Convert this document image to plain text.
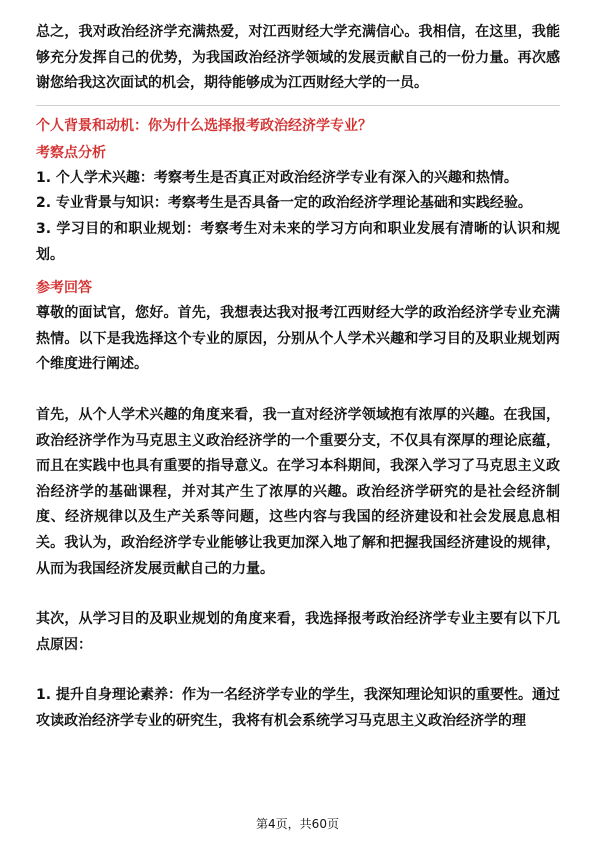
总之，我对政治经济学充满热爱，对江西财经大学充满信心。我相信，在这里，我能够充分发挥自己的优势，为我国政治经济学领域的发展贡献自己的一份力量。再次感谢您给我这次面试的机会，期待能够成为江西财经大学的一员。

个人背景和动机：你为什么选择报考政治经济学专业？

考察点分析

1. 个人学术兴趣：考察考生是否真正对政治经济学专业有深入的兴趣和热情。

2. 专业背景与知识：考察考生是否具备一定的政治经济学理论基础和实践经验。

3. 学习目的和职业规划：考察考生对未来的学习方向和职业发展有清晰的认识和规划。

参考回答

尊敬的面试官，您好。首先，我想表达我对报考江西财经大学的政治经济学专业充满热情。以下是我选择这个专业的原因，分别从个人学术兴趣和学习目的及职业规划两个维度进行阐述。

首先，从个人学术兴趣的角度来看，我一直对经济学领域抱有浓厚的兴趣。在我国，政治经济学作为马克思主义政治经济学的一个重要分支，不仅具有深厚的理论底蕴，而且在实践中也具有重要的指导意义。在学习本科期间，我深入学习了马克思主义政治经济学的基础课程，并对其产生了浓厚的兴趣。政治经济学研究的是社会经济制度、经济规律以及生产关系等问题，这些内容与我国的经济建设和社会发展息息相关。我认为，政治经济学专业能够让我更加深入地了解和把握我国经济建设的规律，从而为我国经济发展贡献自己的力量。

其次，从学习目的及职业规划的角度来看，我选择报考政治经济学专业主要有以下几点原因：

1. 提升自身理论素养：作为一名经济学专业的学生，我深知理论知识的重要性。通过攻读政治经济学专业的研究生，我将有机会系统学习马克思主义政治经济学的理

第4页，共60页
